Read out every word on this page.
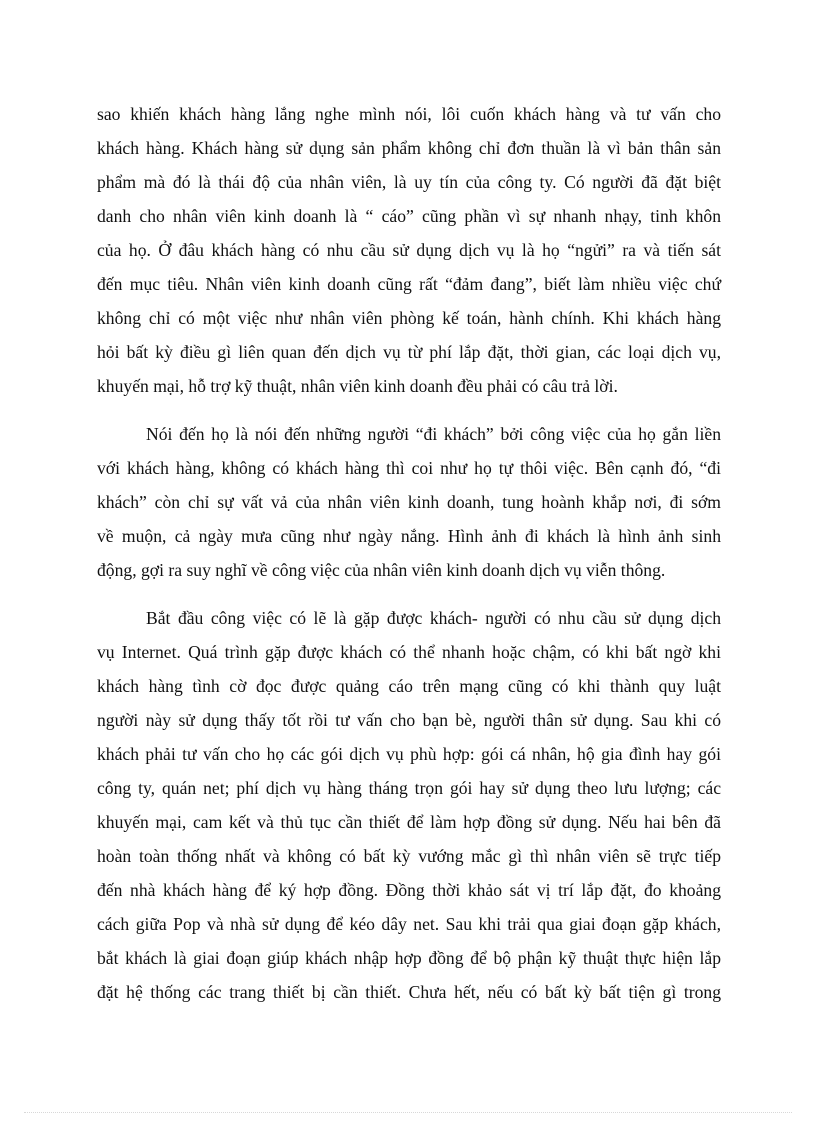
sao khiến khách hàng lắng nghe mình nói, lôi cuốn khách hàng và tư vấn cho
khách hàng. Khách hàng sử dụng sản phẩm không chỉ đơn thuần là vì bản thân sản
phẩm mà đó là thái độ của nhân viên, là uy tín của công ty. Có người đã đặt biệt
danh cho nhân viên kinh doanh là “ cáo” cũng phần vì sự nhanh nhạy, tinh khôn
của họ. Ở đâu khách hàng có nhu cầu sử dụng dịch vụ là họ “ngửi” ra và tiến sát
đến mục tiêu. Nhân viên kinh doanh cũng rất “đảm đang”, biết làm nhiều việc chứ
không chỉ có một việc như nhân viên phòng kế toán, hành chính. Khi khách hàng
hỏi bất kỳ điều gì liên quan đến dịch vụ từ phí lắp đặt, thời gian, các loại dịch vụ,
khuyến mại, hỗ trợ kỹ thuật, nhân viên kinh doanh đều phải có câu trả lời.
Nói đến họ là nói đến những người “đi khách” bởi công việc của họ gắn liền
với khách hàng, không có khách hàng thì coi như họ tự thôi việc. Bên cạnh đó, “đi
khách” còn chỉ sự vất vả của nhân viên kinh doanh, tung hoành khắp nơi, đi sớm
về muộn, cả ngày mưa cũng như ngày nắng. Hình ảnh đi khách là hình ảnh sinh
động, gợi ra suy nghĩ về công việc của nhân viên kinh doanh dịch vụ viễn thông.
Bắt đầu công việc có lẽ là gặp được khách- người có nhu cầu sử dụng dịch
vụ Internet. Quá trình gặp được khách có thể nhanh hoặc chậm, có khi bất ngờ khi
khách hàng tình cờ đọc được quảng cáo trên mạng cũng có khi thành quy luật
người này sử dụng thấy tốt rồi tư vấn cho bạn bè, người thân sử dụng. Sau khi có
khách phải tư vấn cho họ các gói dịch vụ phù hợp: gói cá nhân, hộ gia đình hay gói
công ty, quán net; phí dịch vụ hàng tháng trọn gói hay sử dụng theo lưu lượng; các
khuyến mại, cam kết và thủ tục cần thiết để làm hợp đồng sử dụng. Nếu hai bên đã
hoàn toàn thống nhất và không có bất kỳ vướng mắc gì thì nhân viên sẽ trực tiếp
đến nhà khách hàng để ký hợp đồng. Đồng thời khảo sát vị trí lắp đặt, đo khoảng
cách giữa Pop và nhà sử dụng để kéo dây net. Sau khi trải qua giai đoạn gặp khách,
bắt khách là giai đoạn giúp khách nhập hợp đồng để bộ phận kỹ thuật thực hiện lắp
đặt hệ thống các trang thiết bị cần thiết. Chưa hết, nếu có bất kỳ bất tiện gì trong
